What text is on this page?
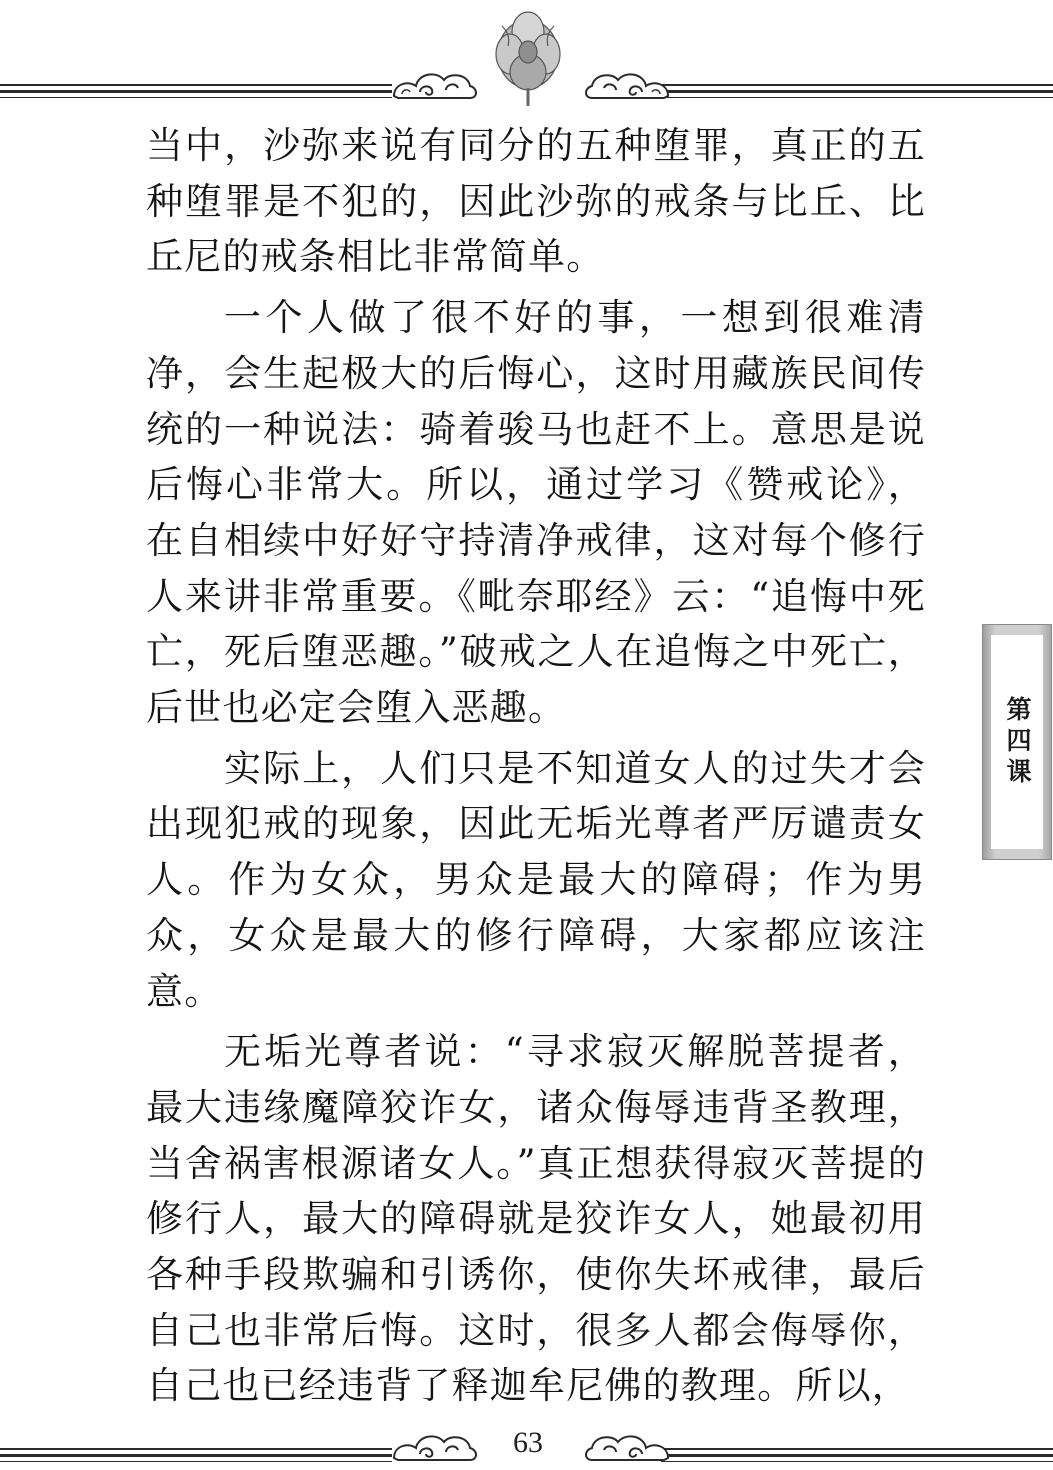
当中，沙弥来说有同分的五种堕罪，真正的五种堕罪是不犯的，因此沙弥的戒条与比丘、比丘尼的戒条相比非常简单。

一个人做了很不好的事，一想到很难清净，会生起极大的后悔心，这时用藏族民间传统的一种说法：骑着骏马也赶不上。意思是说后悔心非常大。所以，通过学习《赞戒论》，在自相续中好好守持清净戒律，这对每个修行人来讲非常重要。《毗奈耶经》云：“追悔中死亡，死后堕恶趣。”破戒之人在追悔之中死亡，后世也必定会堕入恶趣。

实际上，人们只是不知道女人的过失才会出现犯戒的现象，因此无垢光尊者严厉谴责女人。作为女众，男众是最大的障碍；作为男众，女众是最大的修行障碍，大家都应该注意。

无垢光尊者说：“寻求寂灭解脱菩提者，最大违缘魔障狡诈女，诸众侮辱违背圣教理，当舍祸害根源诸女人。”真正想获得寂灭菩提的修行人，最大的障碍就是狡诈女人，她最初用各种手段欺骗和引诱你，使你失坏戒律，最后自己也非常后悔。这时，很多人都会侮辱你，自己也已经违背了释迦牟尼佛的教理。所以，

第四课
63
